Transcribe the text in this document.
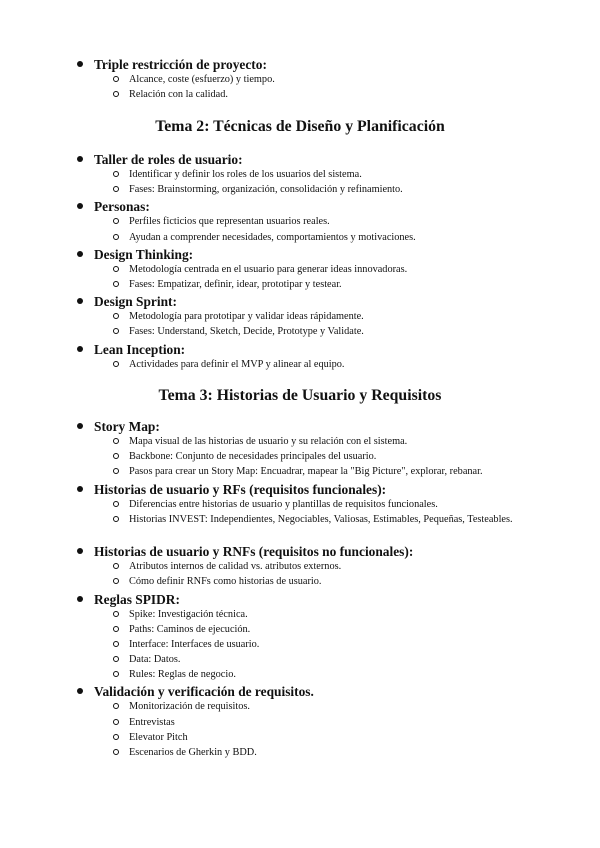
Triple restricción de proyecto:
Alcance, coste (esfuerzo) y tiempo.
Relación con la calidad.
Tema 2: Técnicas de Diseño y Planificación
Taller de roles de usuario:
Identificar y definir los roles de los usuarios del sistema.
Fases: Brainstorming, organización, consolidación y refinamiento.
Personas:
Perfiles ficticios que representan usuarios reales.
Ayudan a comprender necesidades, comportamientos y motivaciones.
Design Thinking:
Metodología centrada en el usuario para generar ideas innovadoras.
Fases: Empatizar, definir, idear, prototipar y testear.
Design Sprint:
Metodología para prototipar y validar ideas rápidamente.
Fases: Understand, Sketch, Decide, Prototype y Validate.
Lean Inception:
Actividades para definir el MVP y alinear al equipo.
Tema 3: Historias de Usuario y Requisitos
Story Map:
Mapa visual de las historias de usuario y su relación con el sistema.
Backbone: Conjunto de necesidades principales del usuario.
Pasos para crear un Story Map: Encuadrar, mapear la "Big Picture", explorar, rebanar.
Historias de usuario y RFs (requisitos funcionales):
Diferencias entre historias de usuario y plantillas de requisitos funcionales.
Historias INVEST: Independientes, Negociables, Valiosas, Estimables, Pequeñas, Testeables.
Historias de usuario y RNFs (requisitos no funcionales):
Atributos internos de calidad vs. atributos externos.
Cómo definir RNFs como historias de usuario.
Reglas SPIDR:
Spike: Investigación técnica.
Paths: Caminos de ejecución.
Interface: Interfaces de usuario.
Data: Datos.
Rules: Reglas de negocio.
Validación y verificación de requisitos.
Monitorización de requisitos.
Entrevistas
Elevator Pitch
Escenarios de Gherkin y BDD.
